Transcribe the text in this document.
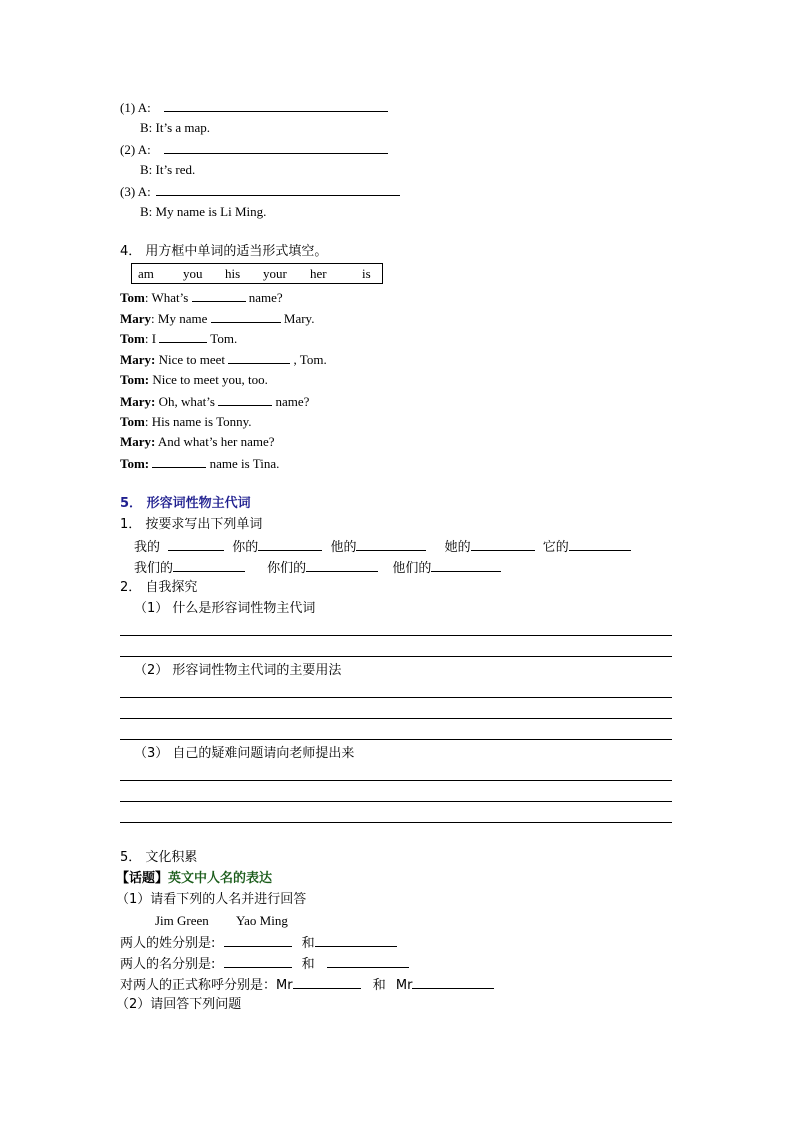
(1) A:
B: It’s a map.
(2) A:
B: It’s red.
(3) A:
B: My name is Li Ming.
4． 用方框中单词的适当形式填空。
am you his your her	is
Tom: What’s	name?
Mary: My name	Mary.
Tom: I	Tom.
Mary: Nice to meet	, Tom.
Tom: Nice to meet you, too.
Mary: Oh, what’s	name?
Tom: His name is Tonny.
Mary: And what’s her name?
Tom:	name is Tina.
5． 形容词性物主代词
1． 按要求写出下列单词
我的	你的	他的	她的	它的
我们的	你们的	他们的
2． 自我探究
（1） 什么是形容词性物主代词
（2） 形容词性物主代词的主要用法
（3） 自己的疑难问题请向老师提出来
5． 文化积累
【话题】英文中人名的表达
（1）请看下列的人名并进行回答
Jim Green Yao Ming
两人的姓分别是:	和
两人的名分别是:	和
对两人的正式称呼分别是：Mr	和 Mr
（2）请回答下列问题
